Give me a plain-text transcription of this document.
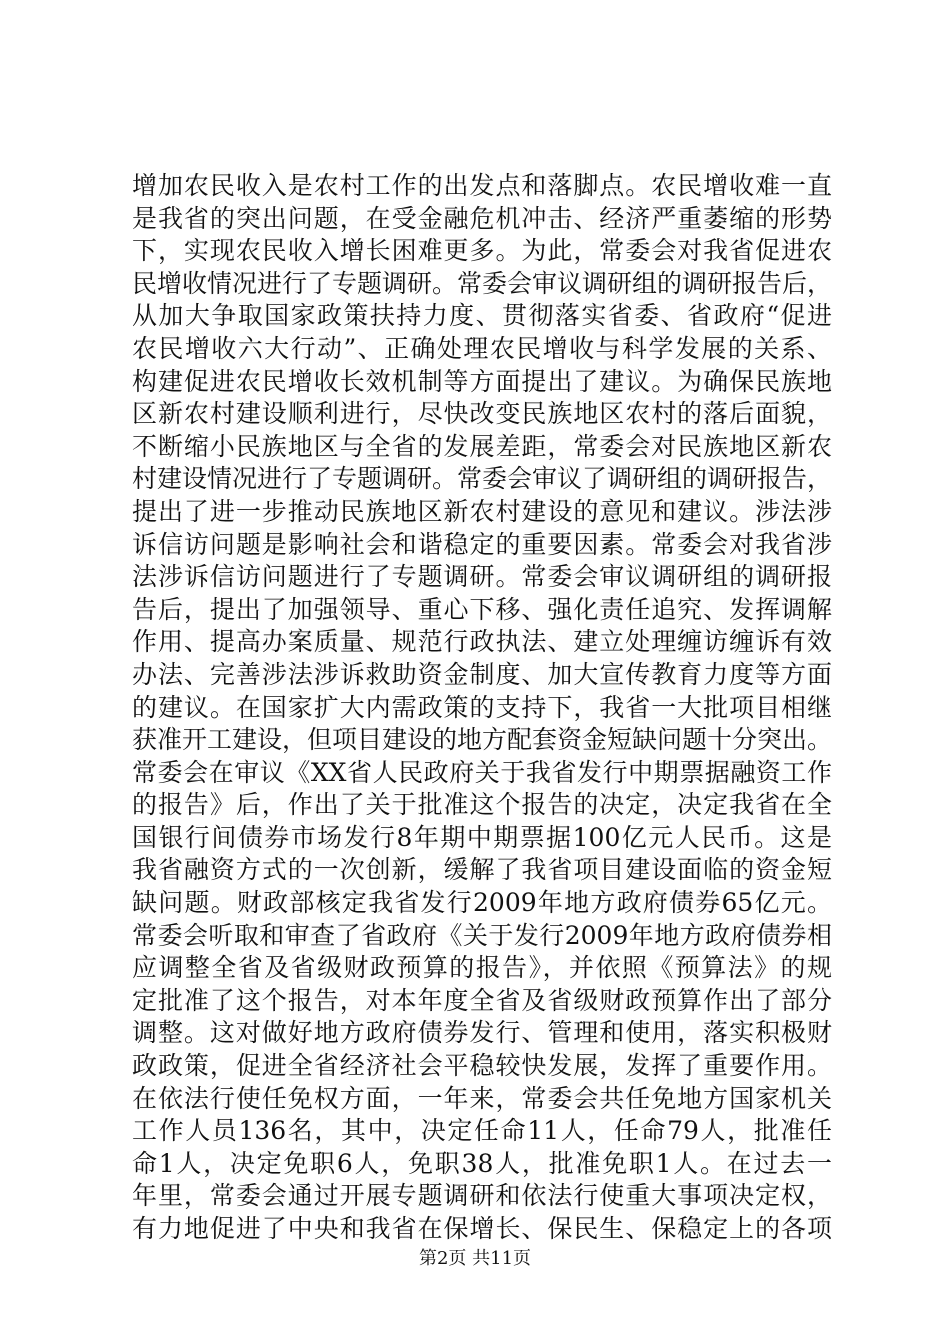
增加农民收入是农村工作的出发点和落脚点。农民增收难一直
是我省的突出问题，在受金融危机冲击、经济严重萎缩的形势
下，实现农民收入增长困难更多。为此，常委会对我省促进农
民增收情况进行了专题调研。常委会审议调研组的调研报告后，
从加大争取国家政策扶持力度、贯彻落实省委、省政府“促进
农民增收六大行动”、正确处理农民增收与科学发展的关系、
构建促进农民增收长效机制等方面提出了建议。为确保民族地
区新农村建设顺利进行，尽快改变民族地区农村的落后面貌，
不断缩小民族地区与全省的发展差距，常委会对民族地区新农
村建设情况进行了专题调研。常委会审议了调研组的调研报告，
提出了进一步推动民族地区新农村建设的意见和建议。涉法涉
诉信访问题是影响社会和谐稳定的重要因素。常委会对我省涉
法涉诉信访问题进行了专题调研。常委会审议调研组的调研报
告后，提出了加强领导、重心下移、强化责任追究、发挥调解
作用、提高办案质量、规范行政执法、建立处理缠访缠诉有效
办法、完善涉法涉诉救助资金制度、加大宣传教育力度等方面
的建议。在国家扩大内需政策的支持下，我省一大批项目相继
获准开工建设，但项目建设的地方配套资金短缺问题十分突出。
常委会在审议《XX省人民政府关于我省发行中期票据融资工作
的报告》后，作出了关于批准这个报告的决定，决定我省在全
国银行间债券市场发行8年期中期票据100亿元人民币。这是
我省融资方式的一次创新，缓解了我省项目建设面临的资金短
缺问题。财政部核定我省发行2009年地方政府债券65亿元。
常委会听取和审查了省政府《关于发行2009年地方政府债券相
应调整全省及省级财政预算的报告》，并依照《预算法》的规
定批准了这个报告，对本年度全省及省级财政预算作出了部分
调整。这对做好地方政府债券发行、管理和使用，落实积极财
政政策，促进全省经济社会平稳较快发展，发挥了重要作用。
在依法行使任免权方面，一年来，常委会共任免地方国家机关
工作人员136名，其中，决定任命11人，任命79人，批准任
命1人，决定免职6人，免职38人，批准免职1人。在过去一
年里，常委会通过开展专题调研和依法行使重大事项决定权，
有力地促进了中央和我省在保增长、保民生、保稳定上的各项
第2页 共11页
